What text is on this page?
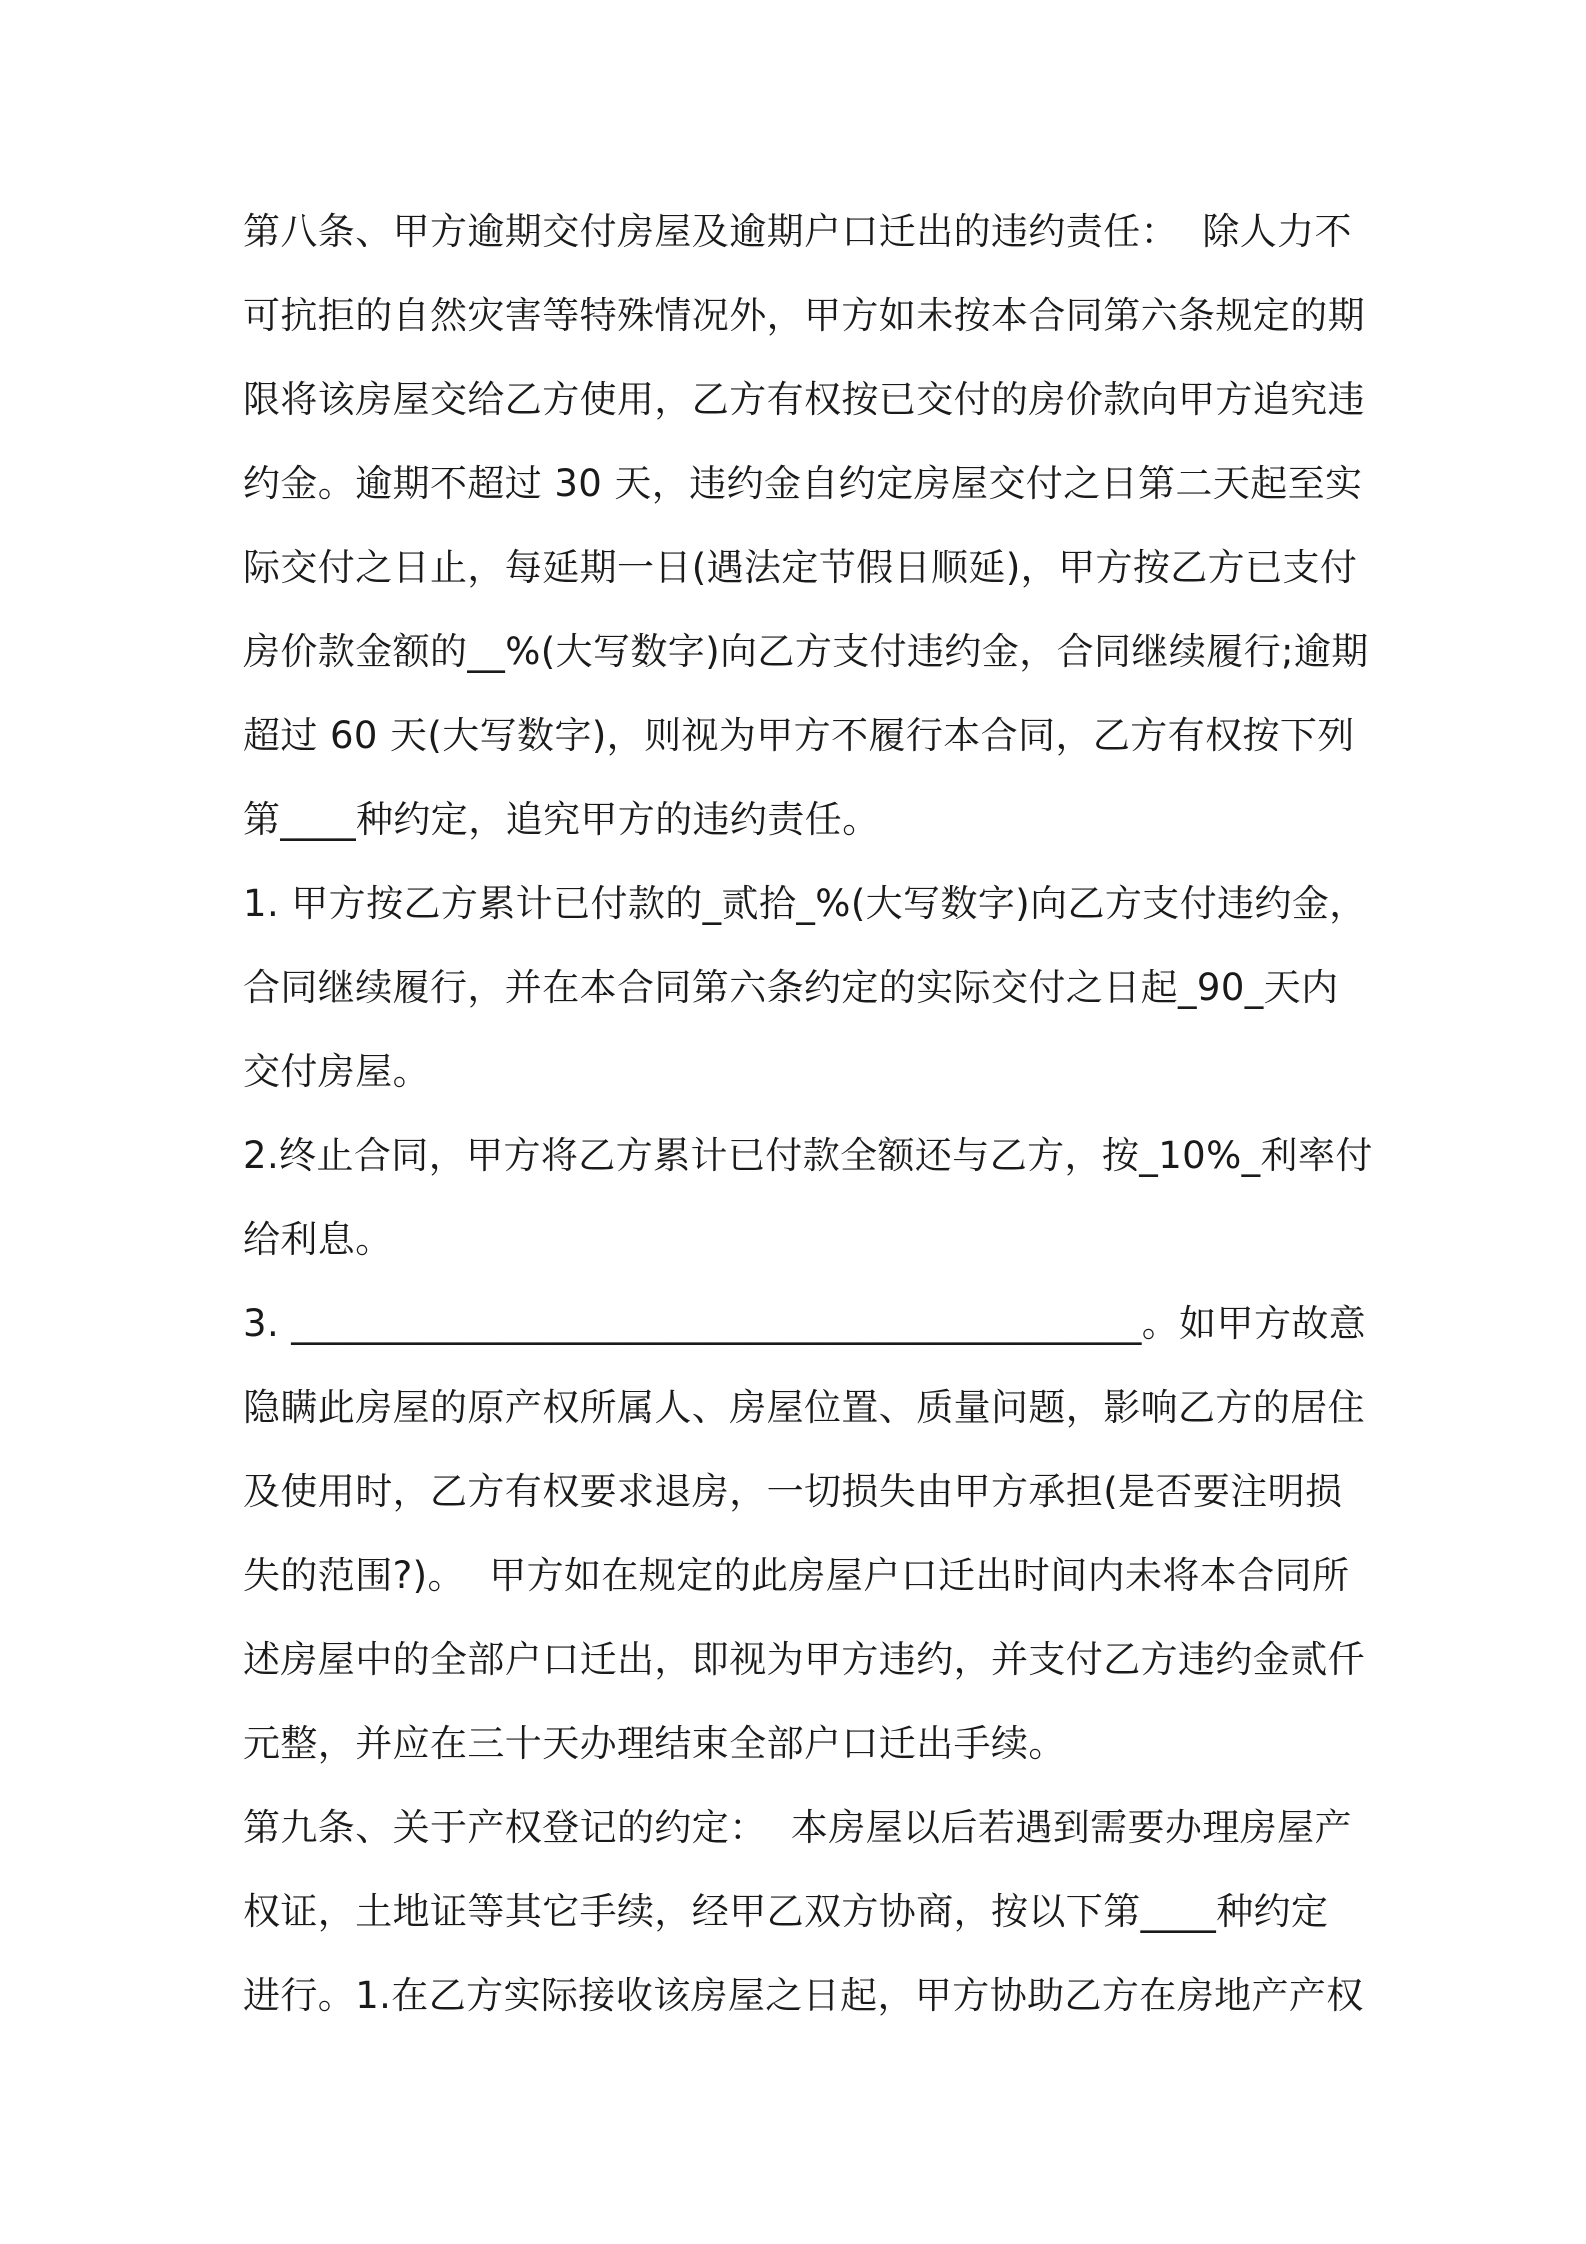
第八条、甲方逾期交付房屋及逾期户口迁出的违约责任：  除人力不
可抗拒的自然灾害等特殊情况外，甲方如未按本合同第六条规定的期
限将该房屋交给乙方使用，乙方有权按已交付的房价款向甲方追究违
约金。逾期不超过 30 天，违约金自约定房屋交付之日第二天起至实
际交付之日止，每延期一日(遇法定节假日顺延)，甲方按乙方已支付
房价款金额的__%(大写数字)向乙方支付违约金，合同继续履行;逾期
超过 60 天(大写数字)，则视为甲方不履行本合同，乙方有权按下列
第____种约定，追究甲方的违约责任。
1. 甲方按乙方累计已付款的_贰拾_%(大写数字)向乙方支付违约金，
合同继续履行，并在本合同第六条约定的实际交付之日起_90_天内
交付房屋。
2.终止合同，甲方将乙方累计已付款全额还与乙方，按_10%_利率付
给利息。
3. _____________________________________________。如甲方故意
隐瞒此房屋的原产权所属人、房屋位置、质量问题，影响乙方的居住
及使用时，乙方有权要求退房，一切损失由甲方承担(是否要注明损
失的范围?)。  甲方如在规定的此房屋户口迁出时间内未将本合同所
述房屋中的全部户口迁出，即视为甲方违约，并支付乙方违约金贰仟
元整，并应在三十天办理结束全部户口迁出手续。
第九条、关于产权登记的约定：  本房屋以后若遇到需要办理房屋产
权证，土地证等其它手续，经甲乙双方协商，按以下第____种约定
进行。1.在乙方实际接收该房屋之日起，甲方协助乙方在房地产产权
